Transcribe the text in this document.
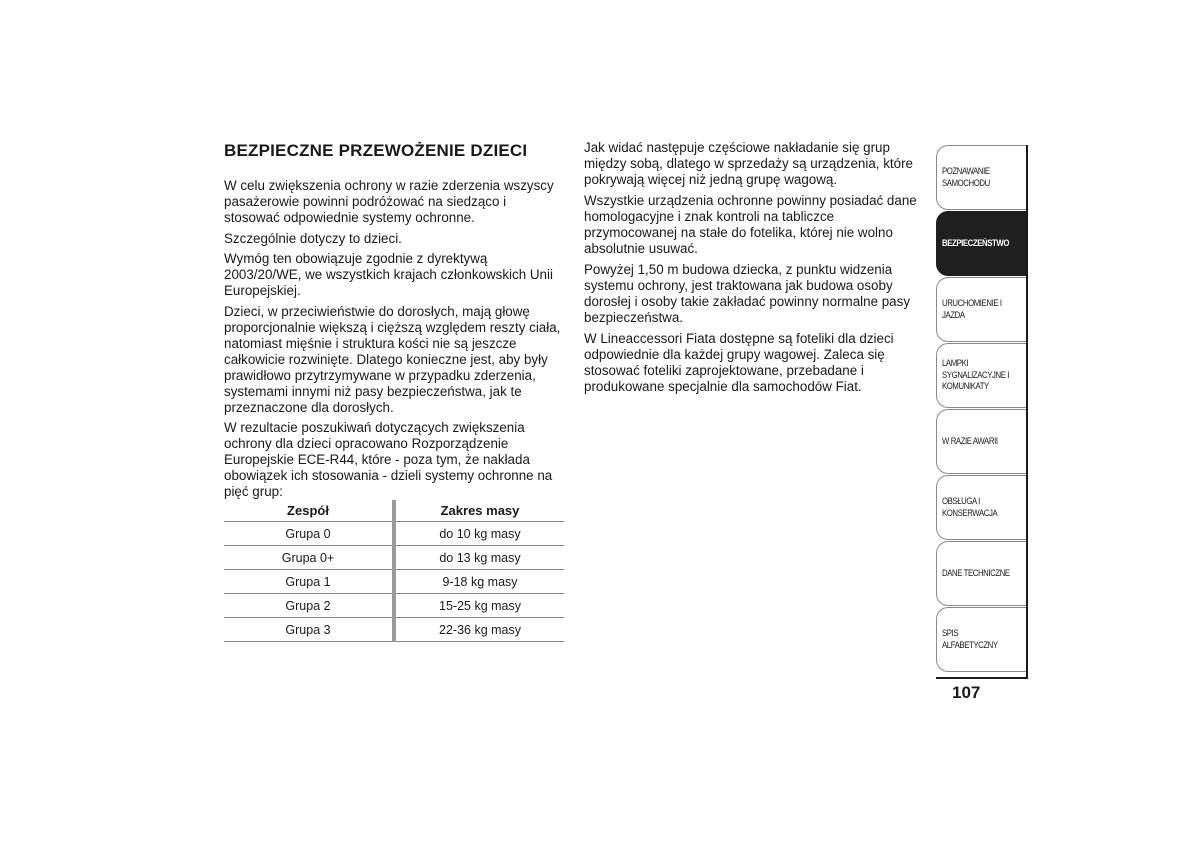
BEZPIECZNE PRZEWOŻENIE DZIECI

W celu zwiększenia ochrony w razie zderzenia wszyscy pasażerowie powinni podróżować na siedząco i stosować odpowiednie systemy ochronne.

Szczególnie dotyczy to dzieci.

Wymóg ten obowiązuje zgodnie z dyrektywą 2003/20/WE, we wszystkich krajach członkowskich Unii Europejskiej.

Dzieci, w przeciwieństwie do dorosłych, mają głowę proporcjonalnie większą i cięższą względem reszty ciała, natomiast mięśnie i struktura kości nie są jeszcze całkowicie rozwinięte. Dlatego konieczne jest, aby były prawidłowo przytrzymywane w przypadku zderzenia, systemami innymi niż pasy bezpieczeństwa, jak te przeznaczone dla dorosłych.

W rezultacie poszukiwań dotyczących zwiększenia ochrony dla dzieci opracowano Rozporządzenie Europejskie ECE-R44, które - poza tym, że nakłada obowiązek ich stosowania - dzieli systemy ochronne na pięć grup:

Zespół	Zakres masy
Grupa 0	do 10 kg masy
Grupa 0+	do 13 kg masy
Grupa 1	9-18 kg masy
Grupa 2	15-25 kg masy
Grupa 3	22-36 kg masy

Jak widać następuje częściowe nakładanie się grup między sobą, dlatego w sprzedaży są urządzenia, które pokrywają więcej niż jedną grupę wagową.

Wszystkie urządzenia ochronne powinny posiadać dane homologacyjne i znak kontroli na tabliczce przymocowanej na stałe do fotelika, której nie wolno absolutnie usuwać.

Powyżej 1,50 m budowa dziecka, z punktu widzenia systemu ochrony, jest traktowana jak budowa osoby dorosłej i osoby takie zakładać powinny normalne pasy bezpieczeństwa.

W Lineaccessori Fiata dostępne są foteliki dla dzieci odpowiednie dla każdej grupy wagowej. Zaleca się stosować foteliki zaprojektowane, przebadane i produkowane specjalnie dla samochodów Fiat.

POZNAWANIE
SAMOCHODU
BEZPIECZEŃSTWO
URUCHOMIENIE I
JAZDA
LAMPKI
SYGNALIZACYJNE I
KOMUNIKATY
W RAZIE AWARII
OBSŁUGA I
KONSERWACJA
DANE TECHNICZNE
SPIS ALFABETYCZNY
107
